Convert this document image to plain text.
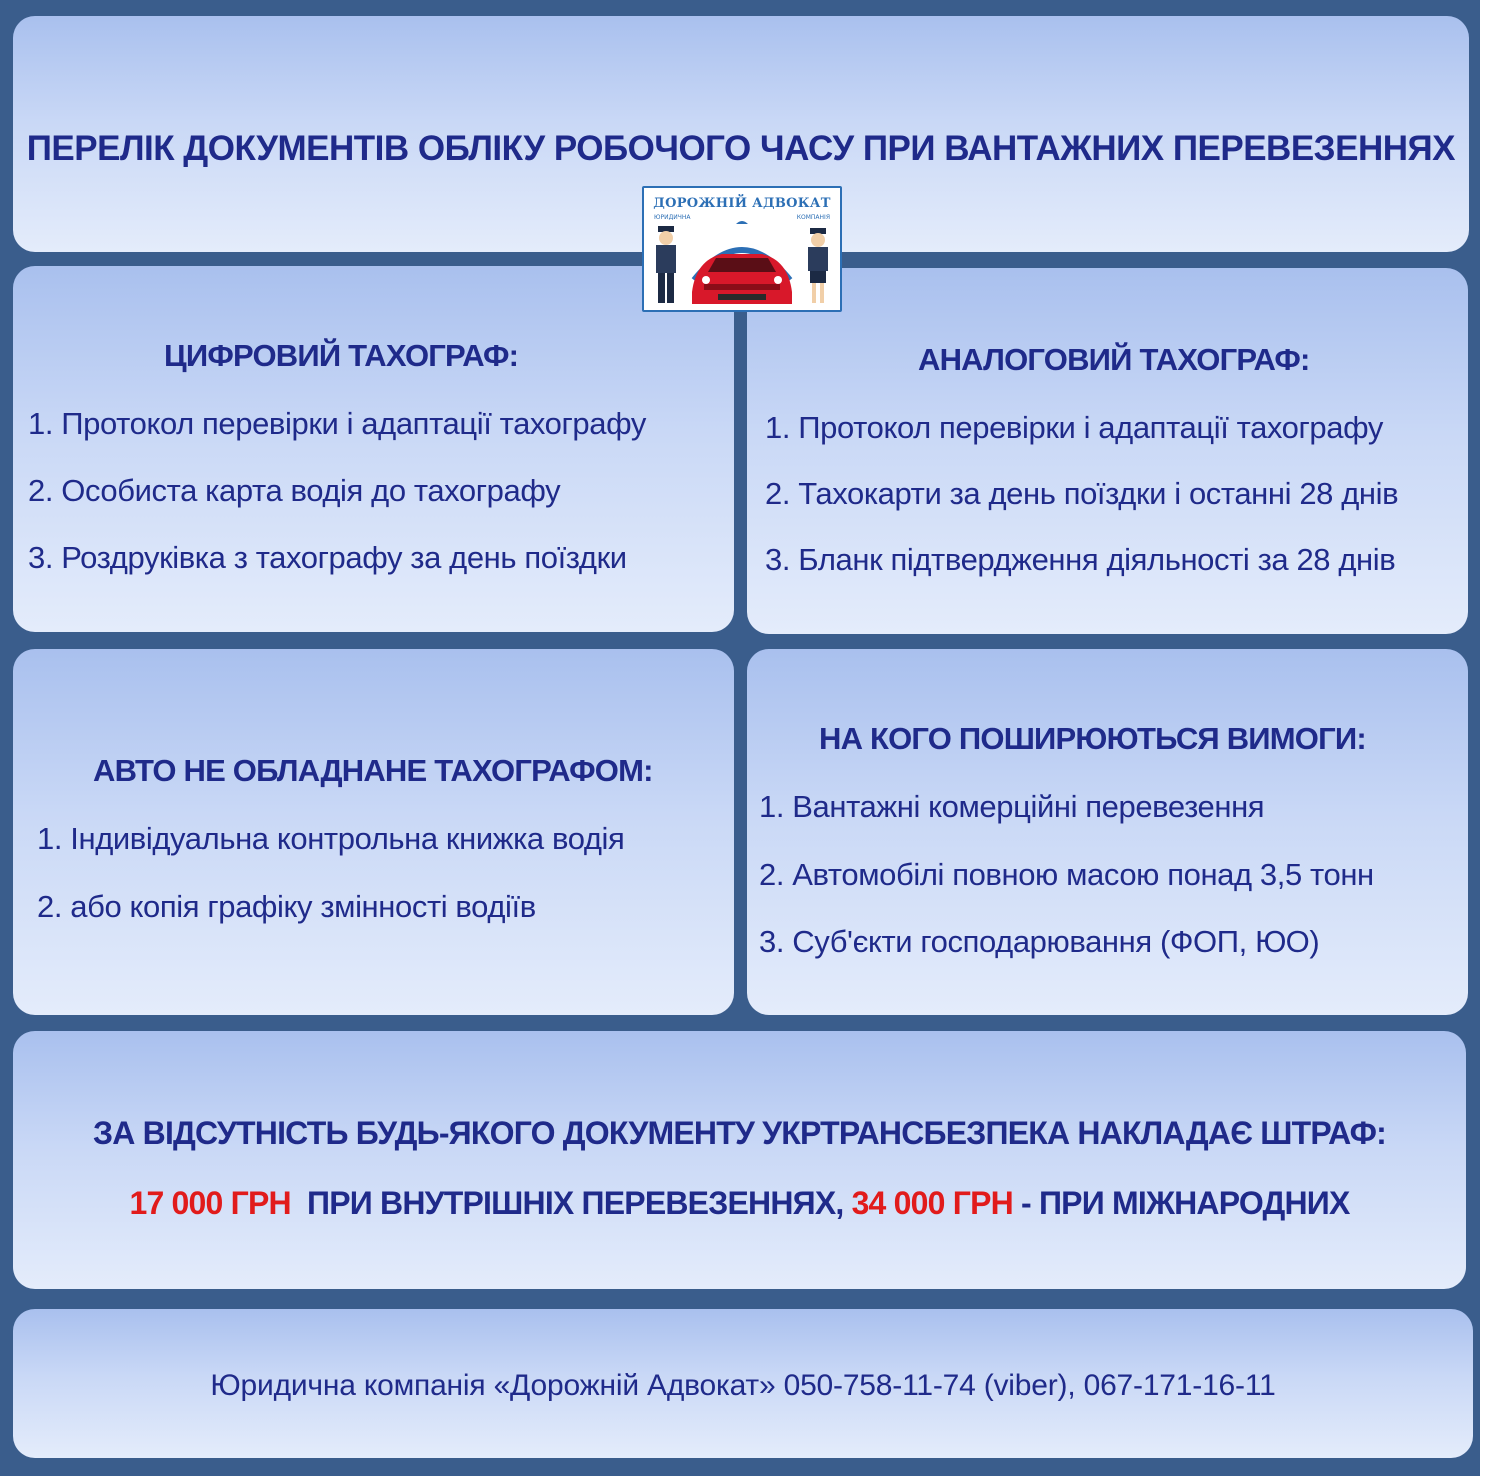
ПЕРЕЛІК ДОКУМЕНТІВ ОБЛІКУ РОБОЧОГО ЧАСУ ПРИ ВАНТАЖНИХ ПЕРЕВЕЗЕННЯХ
ЦИФРОВИЙ ТАХОГРАФ:
1. Протокол перевірки і адаптації тахографу
2. Особиста карта водія до тахографу
3. Роздруківка з тахографу за день поїздки
АНАЛОГОВИЙ ТАХОГРАФ:
1. Протокол перевірки і адаптації тахографу
2. Тахокарти за день поїздки і останні 28 днів
3. Бланк підтвердження діяльності за 28 днів
АВТО НЕ ОБЛАДНАНЕ ТАХОГРАФОМ:
1. Індивідуальна контрольна книжка водія
2. або копія графіку змінності водіїв
НА КОГО ПОШИРЮЮТЬСЯ ВИМОГИ:
1. Вантажні комерційні перевезення
2. Автомобілі повною масою понад 3,5 тонн
3. Суб'єкти господарювання (ФОП, ЮО)
ЗА ВІДСУТНІСТЬ БУДЬ-ЯКОГО ДОКУМЕНТУ УКРТРАНСБЕЗПЕКА НАКЛАДАЄ ШТРАФ:
17 000 ГРН  ПРИ ВНУТРІШНІХ ПЕРЕВЕЗЕННЯХ, 34 000 ГРН - ПРИ МІЖНАРОДНИХ
Юридична компанія «Дорожній Адвокат» 050-758-11-74 (viber), 067-171-16-11
ДОРОЖНІЙ АДВОКАТ
ЮРИДИЧНА	КОМПАНІЯ
